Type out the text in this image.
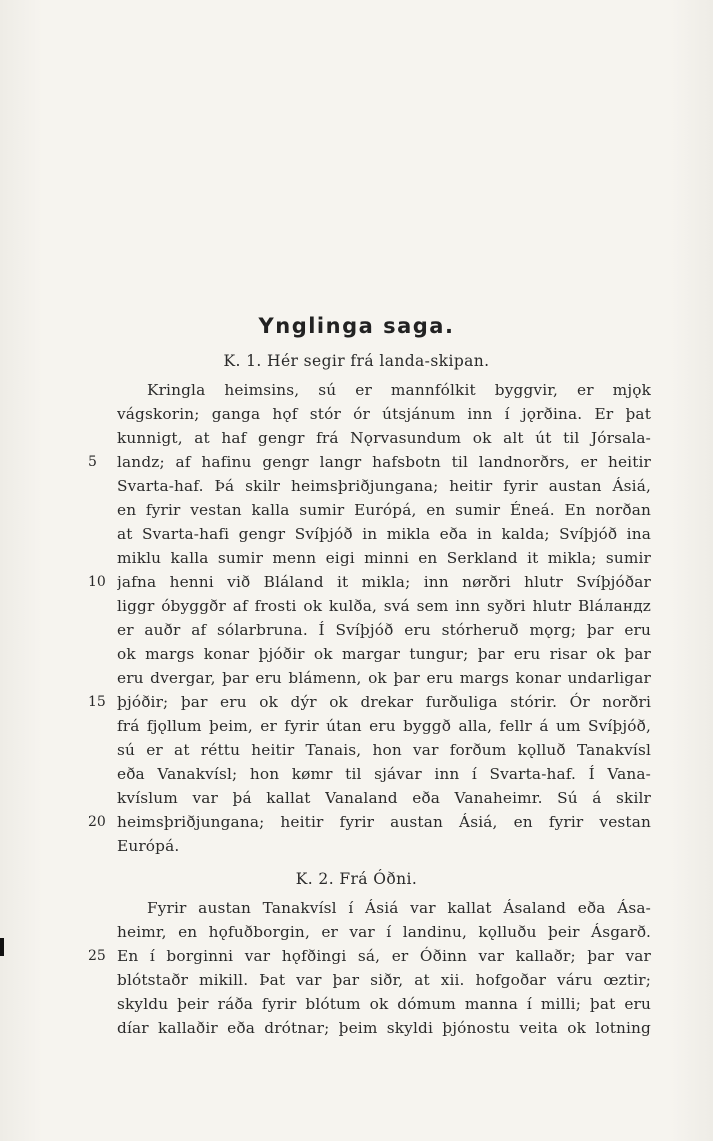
Ynglinga saga.
K. 1. Hér segir frá landa-skipan.
Kringla heimsins, sú er mannfólkit byggvir, er mjǫk
vágskorin; ganga hǫf stór ór útsjánum inn í jǫrðina. Er þat
kunnigt, at haf gengr frá Nǫrvasundum ok alt út til Jórsala-
landz; af hafinu gengr langr hafsbotn til landnorðrs, er heitir
5
Svarta-haf. Þá skilr heimsþriðjungana; heitir fyrir austan Ásiá,
en fyrir vestan kalla sumir Európá, en sumir Éneá. En norðan
at Svarta-hafi gengr Svíþjóð in mikla eða in kalda; Svíþjóð ina
miklu kalla sumir menn eigi minni en Serkland it mikla; sumir
jafna henni við Bláland it mikla; inn nørðri hlutr Svíþjóðar
10
liggr óbyggðr af frosti ok kulða, svá sem inn syðri hlutr Bláландz
er auðr af sólarbruna. Í Svíþjóð eru stórheruð mǫrg; þar eru
ok margs konar þjóðir ok margar tungur; þar eru risar ok þar
eru dvergar, þar eru blámenn, ok þar eru margs konar undarligar
þjóðir; þar eru ok dýr ok drekar furðuliga stórir. Ór norðri
15
frá fjǫllum þeim, er fyrir útan eru byggð alla, fellr á um Svíþjóð,
sú er at réttu heitir Tanais, hon var forðum kǫlluð Tanakvísl
eða Vanakvísl; hon kømr til sjávar inn í Svarta-haf. Í Vana-
kvíslum var þá kallat Vanaland eða Vanaheimr. Sú á skilr
heimsþriðjungana; heitir fyrir austan Ásiá, en fyrir vestan
20
Európá.
K. 2. Frá Óðni.
Fyrir austan Tanakvísl í Ásiá var kallat Ásaland eða Ása-
heimr, en hǫfuðborgin, er var í landinu, kǫlluðu þeir Ásgarð.
En í borginni var hǫfðingi sá, er Óðinn var kallaðr; þar var
25
blótstaðr mikill. Þat var þar siðr, at xii. hofgoðar váru œztir;
skyldu þeir ráða fyrir blótum ok dómum manna í milli; þat eru
díar kallaðir eða drótnar; þeim skyldi þjónostu veita ok lotning
